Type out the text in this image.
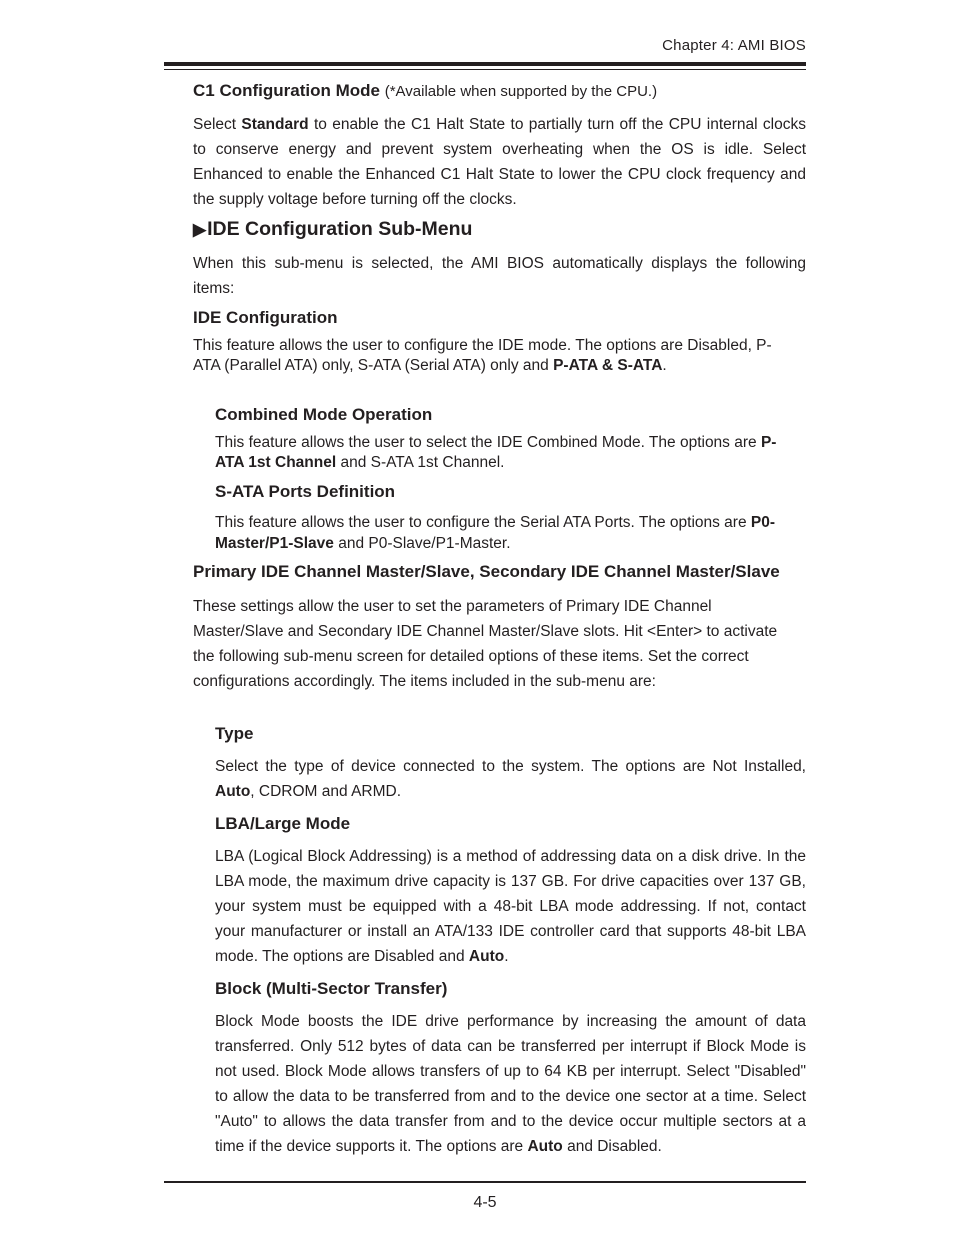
Chapter 4: AMI BIOS
C1 Configuration Mode (*Available when supported by the CPU.)

Select Standard to enable the C1 Halt State to partially turn off the CPU internal clocks to conserve energy and prevent system overheating when the OS is idle. Select Enhanced to enable the Enhanced C1 Halt State to lower the CPU clock frequency and the supply voltage before turning off the clocks.

▶IDE Configuration Sub-Menu

When this sub-menu is selected, the AMI BIOS automatically displays the following items:

IDE Configuration

This feature allows the user to configure the IDE mode. The options are Disabled, P-ATA (Parallel ATA) only, S-ATA (Serial ATA) only and P-ATA & S-ATA.

Combined Mode Operation

This feature allows the user to select the IDE Combined Mode. The options are P-ATA 1st Channel and S-ATA 1st Channel.

S-ATA Ports Definition

This feature allows the user to configure the Serial ATA Ports. The options are P0-Master/P1-Slave and P0-Slave/P1-Master.

Primary IDE Channel Master/Slave, Secondary IDE Channel Master/Slave

These settings allow the user to set the parameters of Primary IDE Channel Master/Slave and Secondary IDE Channel Master/Slave slots. Hit <Enter> to activate the following sub-menu screen for detailed options of these items. Set the correct configurations accordingly. The items included in the sub-menu are:

Type

Select the type of device connected to the system. The options are Not Installed, Auto, CDROM and ARMD.

LBA/Large Mode

LBA (Logical Block Addressing) is a method of addressing data on a disk drive. In the LBA mode, the maximum drive capacity is 137 GB. For drive capacities over 137 GB, your system must be equipped with a 48-bit LBA mode addressing. If not, contact your manufacturer or install an ATA/133 IDE controller card that supports 48-bit LBA mode. The options are Disabled and Auto.

Block (Multi-Sector Transfer)

Block Mode boosts the IDE drive performance by increasing the amount of data transferred. Only 512 bytes of data can be transferred per interrupt if Block Mode is not used. Block Mode allows transfers of up to 64 KB per interrupt. Select "Disabled" to allow the data to be transferred from and to the device one sector at a time. Select "Auto" to allows the data transfer from and to the device occur multiple sectors at a time if the device supports it. The options are Auto and Disabled.

4-5
